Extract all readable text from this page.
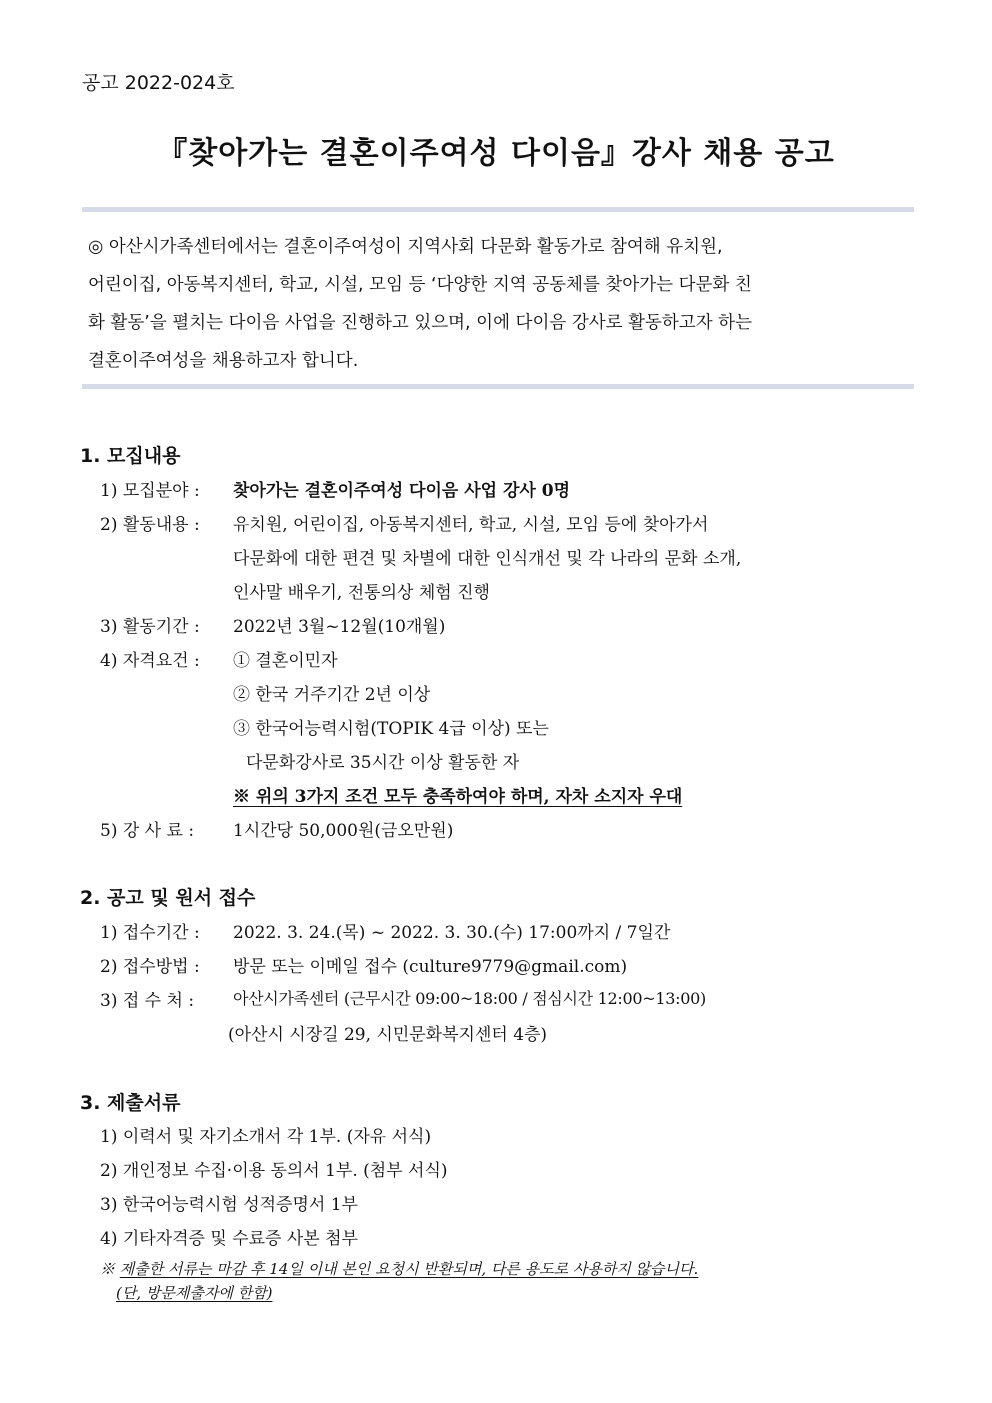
공고 2022-024호
『찾아가는 결혼이주여성 다이음』강사 채용 공고
◎ 아산시가족센터에서는 결혼이주여성이 지역사회 다문화 활동가로 참여해 유치원,
어린이집, 아동복지센터, 학교, 시설, 모임 등 ‘다양한 지역 공동체를 찾아가는 다문화 친
화 활동’을 펼치는 다이음 사업을 진행하고 있으며, 이에 다이음 강사로 활동하고자 하는
결혼이주여성을 채용하고자 합니다.
1. 모집내용
1) 모집분야 : 찾아가는 결혼이주여성 다이음 사업 강사 0명
2) 활동내용 : 유치원, 어린이집, 아동복지센터, 학교, 시설, 모임 등에 찾아가서
다문화에 대한 편견 및 차별에 대한 인식개선 및 각 나라의 문화 소개,
인사말 배우기, 전통의상 체험 진행
3) 활동기간 : 2022년 3월~12월(10개월)
4) 자격요건 : ① 결혼이민자
② 한국 거주기간 2년 이상
③ 한국어능력시험(TOPIK 4급 이상) 또는
다문화강사로 35시간 이상 활동한 자
※ 위의 3가지 조건 모두 충족하여야 하며, 자차 소지자 우대
5) 강 사 료 : 1시간당 50,000원(금오만원)
2. 공고 및 원서 접수
1) 접수기간 : 2022. 3. 24.(목) ~ 2022. 3. 30.(수) 17:00까지 / 7일간
2) 접수방법 : 방문 또는 이메일 접수 (culture9779@gmail.com)
3) 접 수 처 : 아산시가족센터 (근무시간 09:00~18:00 / 점심시간 12:00~13:00)
(아산시 시장길 29, 시민문화복지센터 4층)
3. 제출서류
1) 이력서 및 자기소개서 각 1부. (자유 서식)
2) 개인정보 수집·이용 동의서 1부. (첨부 서식)
3) 한국어능력시험 성적증명서 1부
4) 기타자격증 및 수료증 사본 첨부
※ 제출한 서류는 마감 후 14일 이내 본인 요청시 반환되며, 다른 용도로 사용하지 않습니다.
(단, 방문제출자에 한함)
